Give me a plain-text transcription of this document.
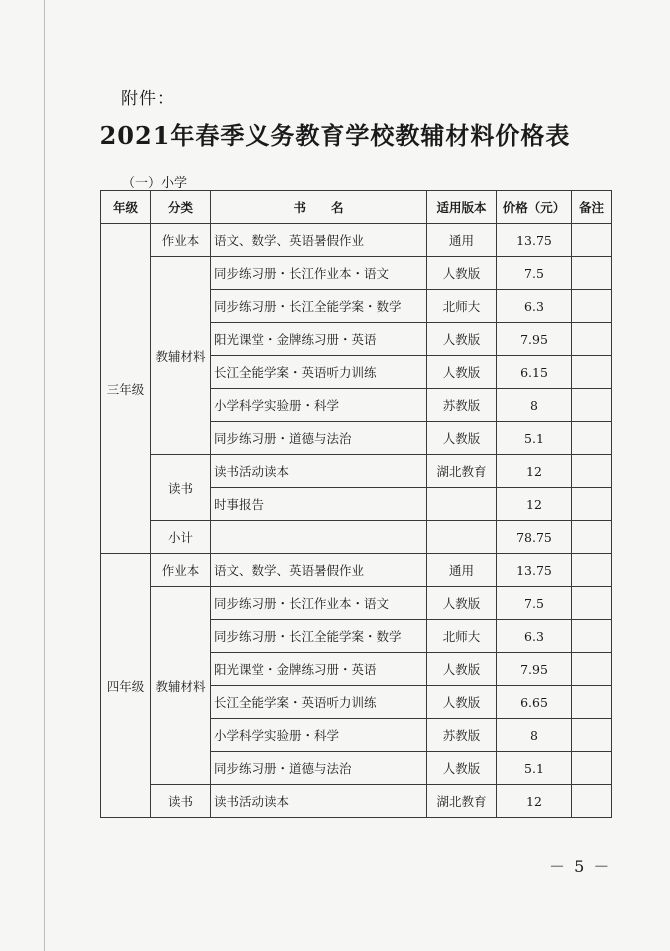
附件：
2021年春季义务教育学校教辅材料价格表
（一）小学
年级	分类	书　　名	适用版本	价格（元）	备注
三年级	作业本	语文、数学、英语暑假作业	通用	13.75	
	教辅材料	同步练习册・长江作业本・语文	人教版	7.5	
		同步练习册・长江全能学案・数学	北师大	6.3	
		阳光课堂・金牌练习册・英语	人教版	7.95	
		长江全能学案・英语听力训练	人教版	6.15	
		小学科学实验册・科学	苏教版	8	
		同步练习册・道德与法治	人教版	5.1	
	读书	读书活动读本	湖北教育	12	
		时事报告		12	
	小计			78.75	
四年级	作业本	语文、数学、英语暑假作业	通用	13.75	
	教辅材料	同步练习册・长江作业本・语文	人教版	7.5	
		同步练习册・长江全能学案・数学	北师大	6.3	
		阳光课堂・金牌练习册・英语	人教版	7.95	
		长江全能学案・英语听力训练	人教版	6.65	
		小学科学实验册・科学	苏教版	8	
		同步练习册・道德与法治	人教版	5.1	
	读书	读书活动读本	湖北教育	12	
－ 5 －
